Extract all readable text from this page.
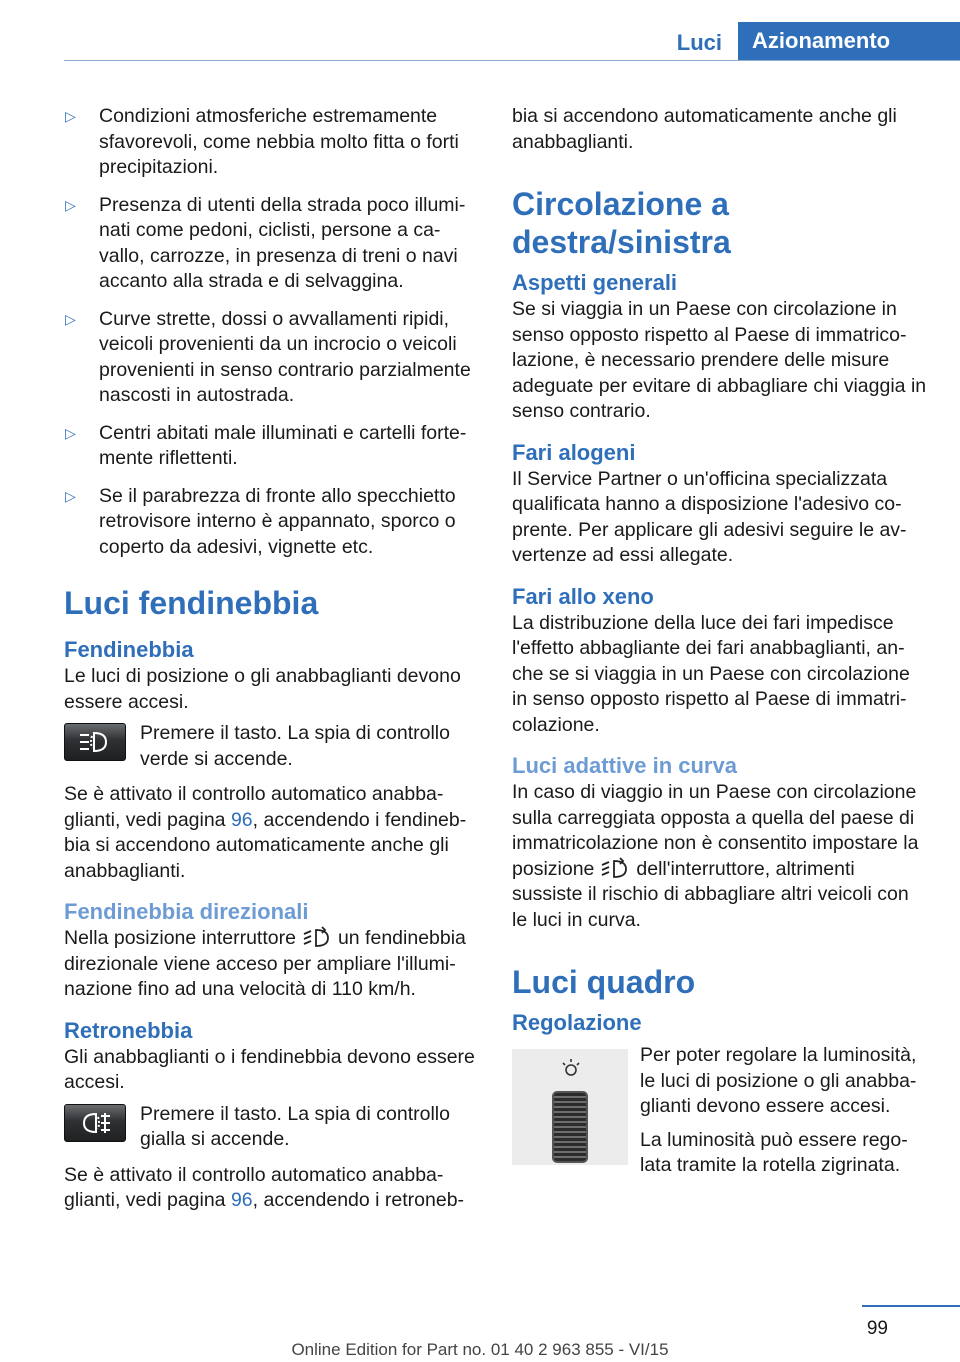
Luci	Azionamento
▷	Condizioni atmosferiche estremamente sfavorevoli, come nebbia molto fitta o forti precipitazioni.
▷	Presenza di utenti della strada poco illumi‐nati come pedoni, ciclisti, persone a ca‐vallo, carrozze, in presenza di treni o navi accanto alla strada e di selvaggina.
▷	Curve strette, dossi o avvallamenti ripidi, veicoli provenienti da un incrocio o veicoli provenienti in senso contrario parzialmente nascosti in autostrada.
▷	Centri abitati male illuminati e cartelli forte‐mente riflettenti.
▷	Se il parabrezza di fronte allo specchietto retrovisore interno è appannato, sporco o coperto da adesivi, vignette etc.
Luci fendinebbia
Fendinebbia

Le luci di posizione o gli anabbaglianti devono essere accesi.

Premere il tasto. La spia di controllo verde si accende.

Se è attivato il controllo automatico anabba‐glianti, vedi pagina 96, accendendo i fendineb‐bia si accendono automaticamente anche gli anabbaglianti.

Fendinebbia direzionali

Nella posizione interruttore un fendinebbia direzionale viene acceso per ampliare l'illumi‐nazione fino ad una velocità di 110 km/h.

Retronebbia

Gli anabbaglianti o i fendinebbia devono essere accesi.

Premere il tasto. La spia di controllo gialla si accende.

Se è attivato il controllo automatico anabba‐glianti, vedi pagina 96, accendendo i retroneb‐

bia si accendono automaticamente anche gli anabbaglianti.

Circolazione a destra/sinistra
Aspetti generali

Se si viaggia in un Paese con circolazione in senso opposto rispetto al Paese di immatrico‐lazione, è necessario prendere delle misure adeguate per evitare di abbagliare chi viaggia in senso contrario.

Fari alogeni

Il Service Partner o un'officina specializzata qualificata hanno a disposizione l'adesivo co‐prente. Per applicare gli adesivi seguire le av‐vertenze ad essi allegate.

Fari allo xeno

La distribuzione della luce dei fari impedisce l'effetto abbagliante dei fari anabbaglianti, an‐che se si viaggia in un Paese con circolazione in senso opposto rispetto al Paese di immatri‐colazione.

Luci adattive in curva

In caso di viaggio in un Paese con circolazione sulla carreggiata opposta a quella del paese di immatricolazione non è consentito impostare la posizione dell'interruttore, altrimenti sussiste il rischio di abbagliare altri veicoli con le luci in curva.

Luci quadro
Regolazione

Per poter regolare la luminosità, le luci di posizione o gli anabba‐glianti devono essere accesi.

La luminosità può essere rego‐lata tramite la rotella zigrinata.

99
Online Edition for Part no. 01 40 2 963 855 - VI/15
